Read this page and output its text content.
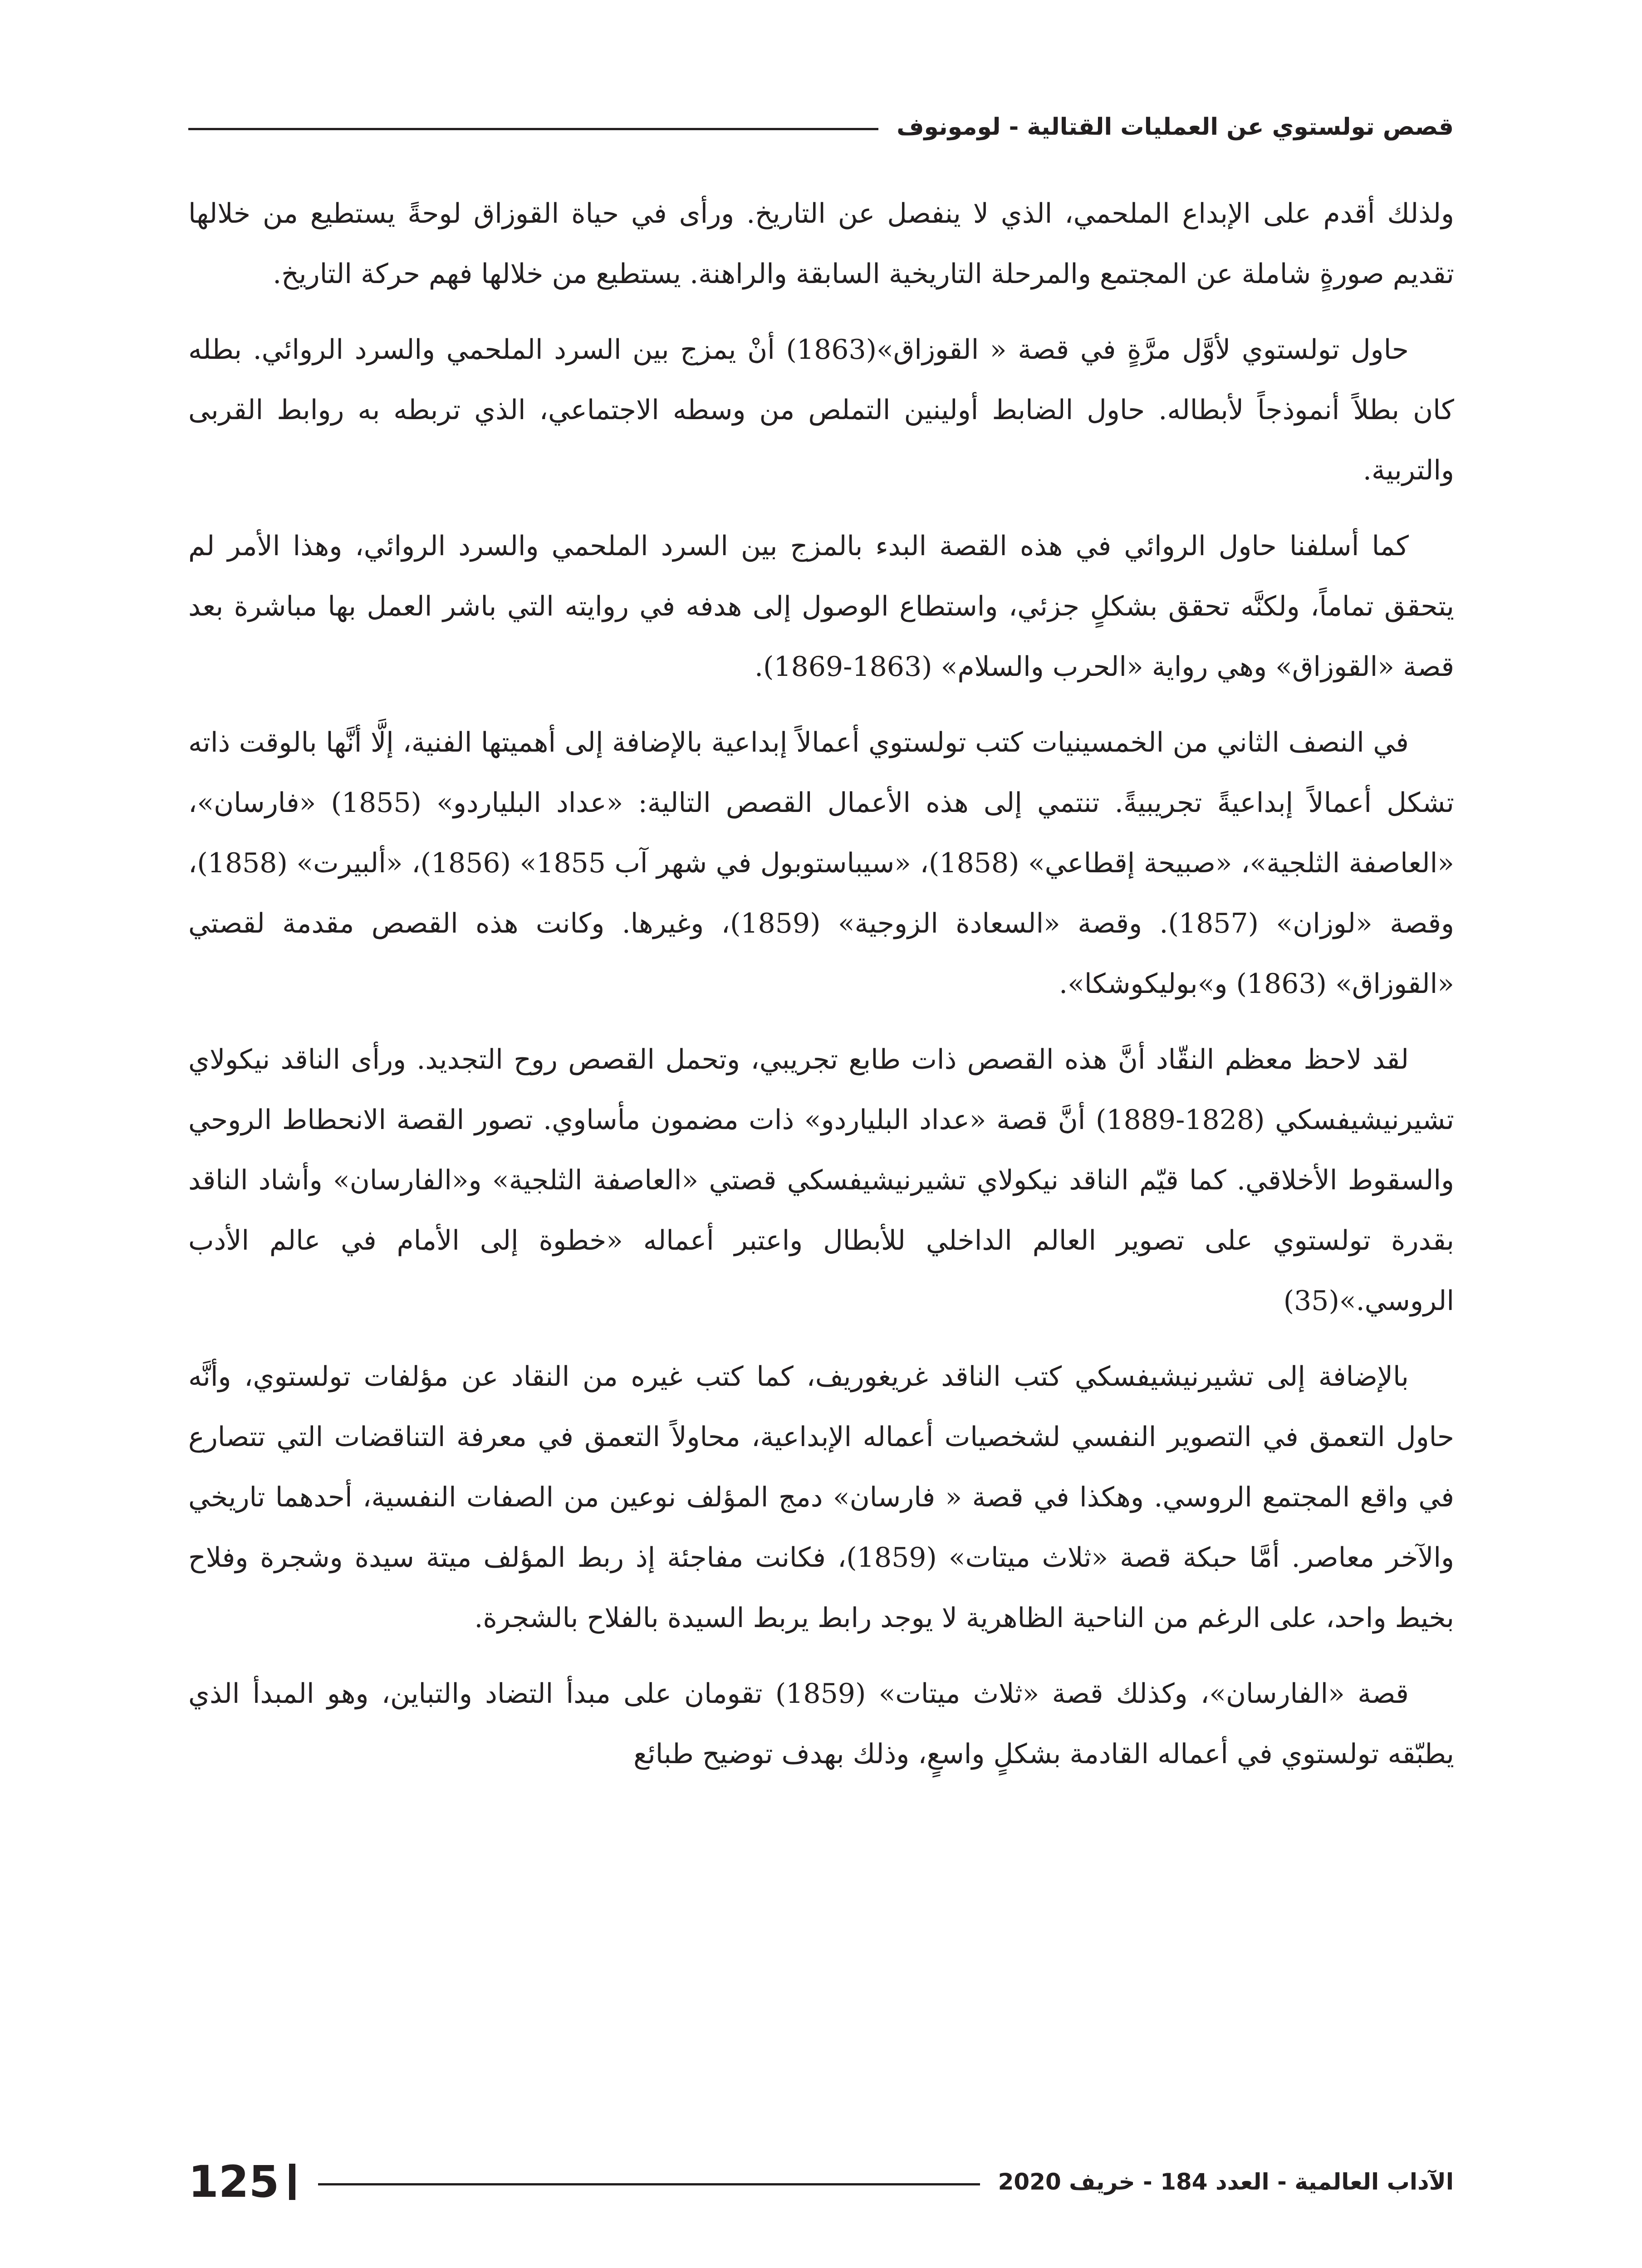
قصص تولستوي عن العمليات القتالية - لومونوف

ولذلك أقدم على الإبداع الملحمي، الذي لا ينفصل عن التاريخ. ورأى في حياة القوزاق لوحةً يستطيع من خلالها تقديم صورةٍ شاملة عن المجتمع والمرحلة التاريخية السابقة والراهنة. يستطيع من خلالها فهم حركة التاريخ.

حاول تولستوي لأوَّل مرَّةٍ في قصة « القوزاق»(1863) أنْ يمزج بين السرد الملحمي والسرد الروائي. بطله كان بطلاً أنموذجاً لأبطاله. حاول الضابط أولينين التملص من وسطه الاجتماعي، الذي تربطه به روابط القربى والتربية.

كما أسلفنا حاول الروائي في هذه القصة البدء بالمزج بين السرد الملحمي والسرد الروائي، وهذا الأمر لم يتحقق تماماً، ولكنَّه تحقق بشكلٍ جزئي، واستطاع الوصول إلى هدفه في روايته التي باشر العمل بها مباشرة بعد قصة «القوزاق» وهي رواية «الحرب والسلام» (1863-1869).

في النصف الثاني من الخمسينيات كتب تولستوي أعمالاً إبداعية بالإضافة إلى أهميتها الفنية، إلَّا أنَّها بالوقت ذاته تشكل أعمالاً إبداعيةً تجريبيةً. تنتمي إلى هذه الأعمال القصص التالية: «عداد البلياردو» (1855) «فارسان»، «العاصفة الثلجية»، «صبيحة إقطاعي» (1858)، «سيباستوبول في شهر آب 1855» (1856)، «ألبيرت» (1858)، وقصة «لوزان» (1857). وقصة «السعادة الزوجية» (1859)، وغيرها. وكانت هذه القصص مقدمة لقصتي «القوزاق» (1863) و»بوليكوشكا».

لقد لاحظ معظم النقّاد أنَّ هذه القصص ذات طابع تجريبي، وتحمل القصص روح التجديد. ورأى الناقد نيكولاي تشيرنيشيفسكي (1828-1889) أنَّ قصة «عداد البلياردو» ذات مضمون مأساوي. تصور القصة الانحطاط الروحي والسقوط الأخلاقي. كما قيّم الناقد نيكولاي تشيرنيشيفسكي قصتي «العاصفة الثلجية» و«الفارسان» وأشاد الناقد بقدرة تولستوي على تصوير العالم الداخلي للأبطال واعتبر أعماله «خطوة إلى الأمام في عالم الأدب الروسي.»(35)

بالإضافة إلى تشيرنيشيفسكي كتب الناقد غريغوريف، كما كتب غيره من النقاد عن مؤلفات تولستوي، وأنَّه حاول التعمق في التصوير النفسي لشخصيات أعماله الإبداعية، محاولاً التعمق في معرفة التناقضات التي تتصارع في واقع المجتمع الروسي. وهكذا في قصة « فارسان» دمج المؤلف نوعين من الصفات النفسية، أحدهما تاريخي والآخر معاصر. أمَّا حبكة قصة «ثلاث ميتات» (1859)، فكانت مفاجئة إذ ربط المؤلف ميتة سيدة وشجرة وفلاح بخيط واحد، على الرغم من الناحية الظاهرية لا يوجد رابط يربط السيدة بالفلاح بالشجرة.

قصة «الفارسان»، وكذلك قصة «ثلاث ميتات» (1859) تقومان على مبدأ التضاد والتباين، وهو المبدأ الذي يطبّقه تولستوي في أعماله القادمة بشكلٍ واسعٍ، وذلك بهدف توضيح طبائع

الآداب العالمية - العدد 184 - خريف 2020
125
